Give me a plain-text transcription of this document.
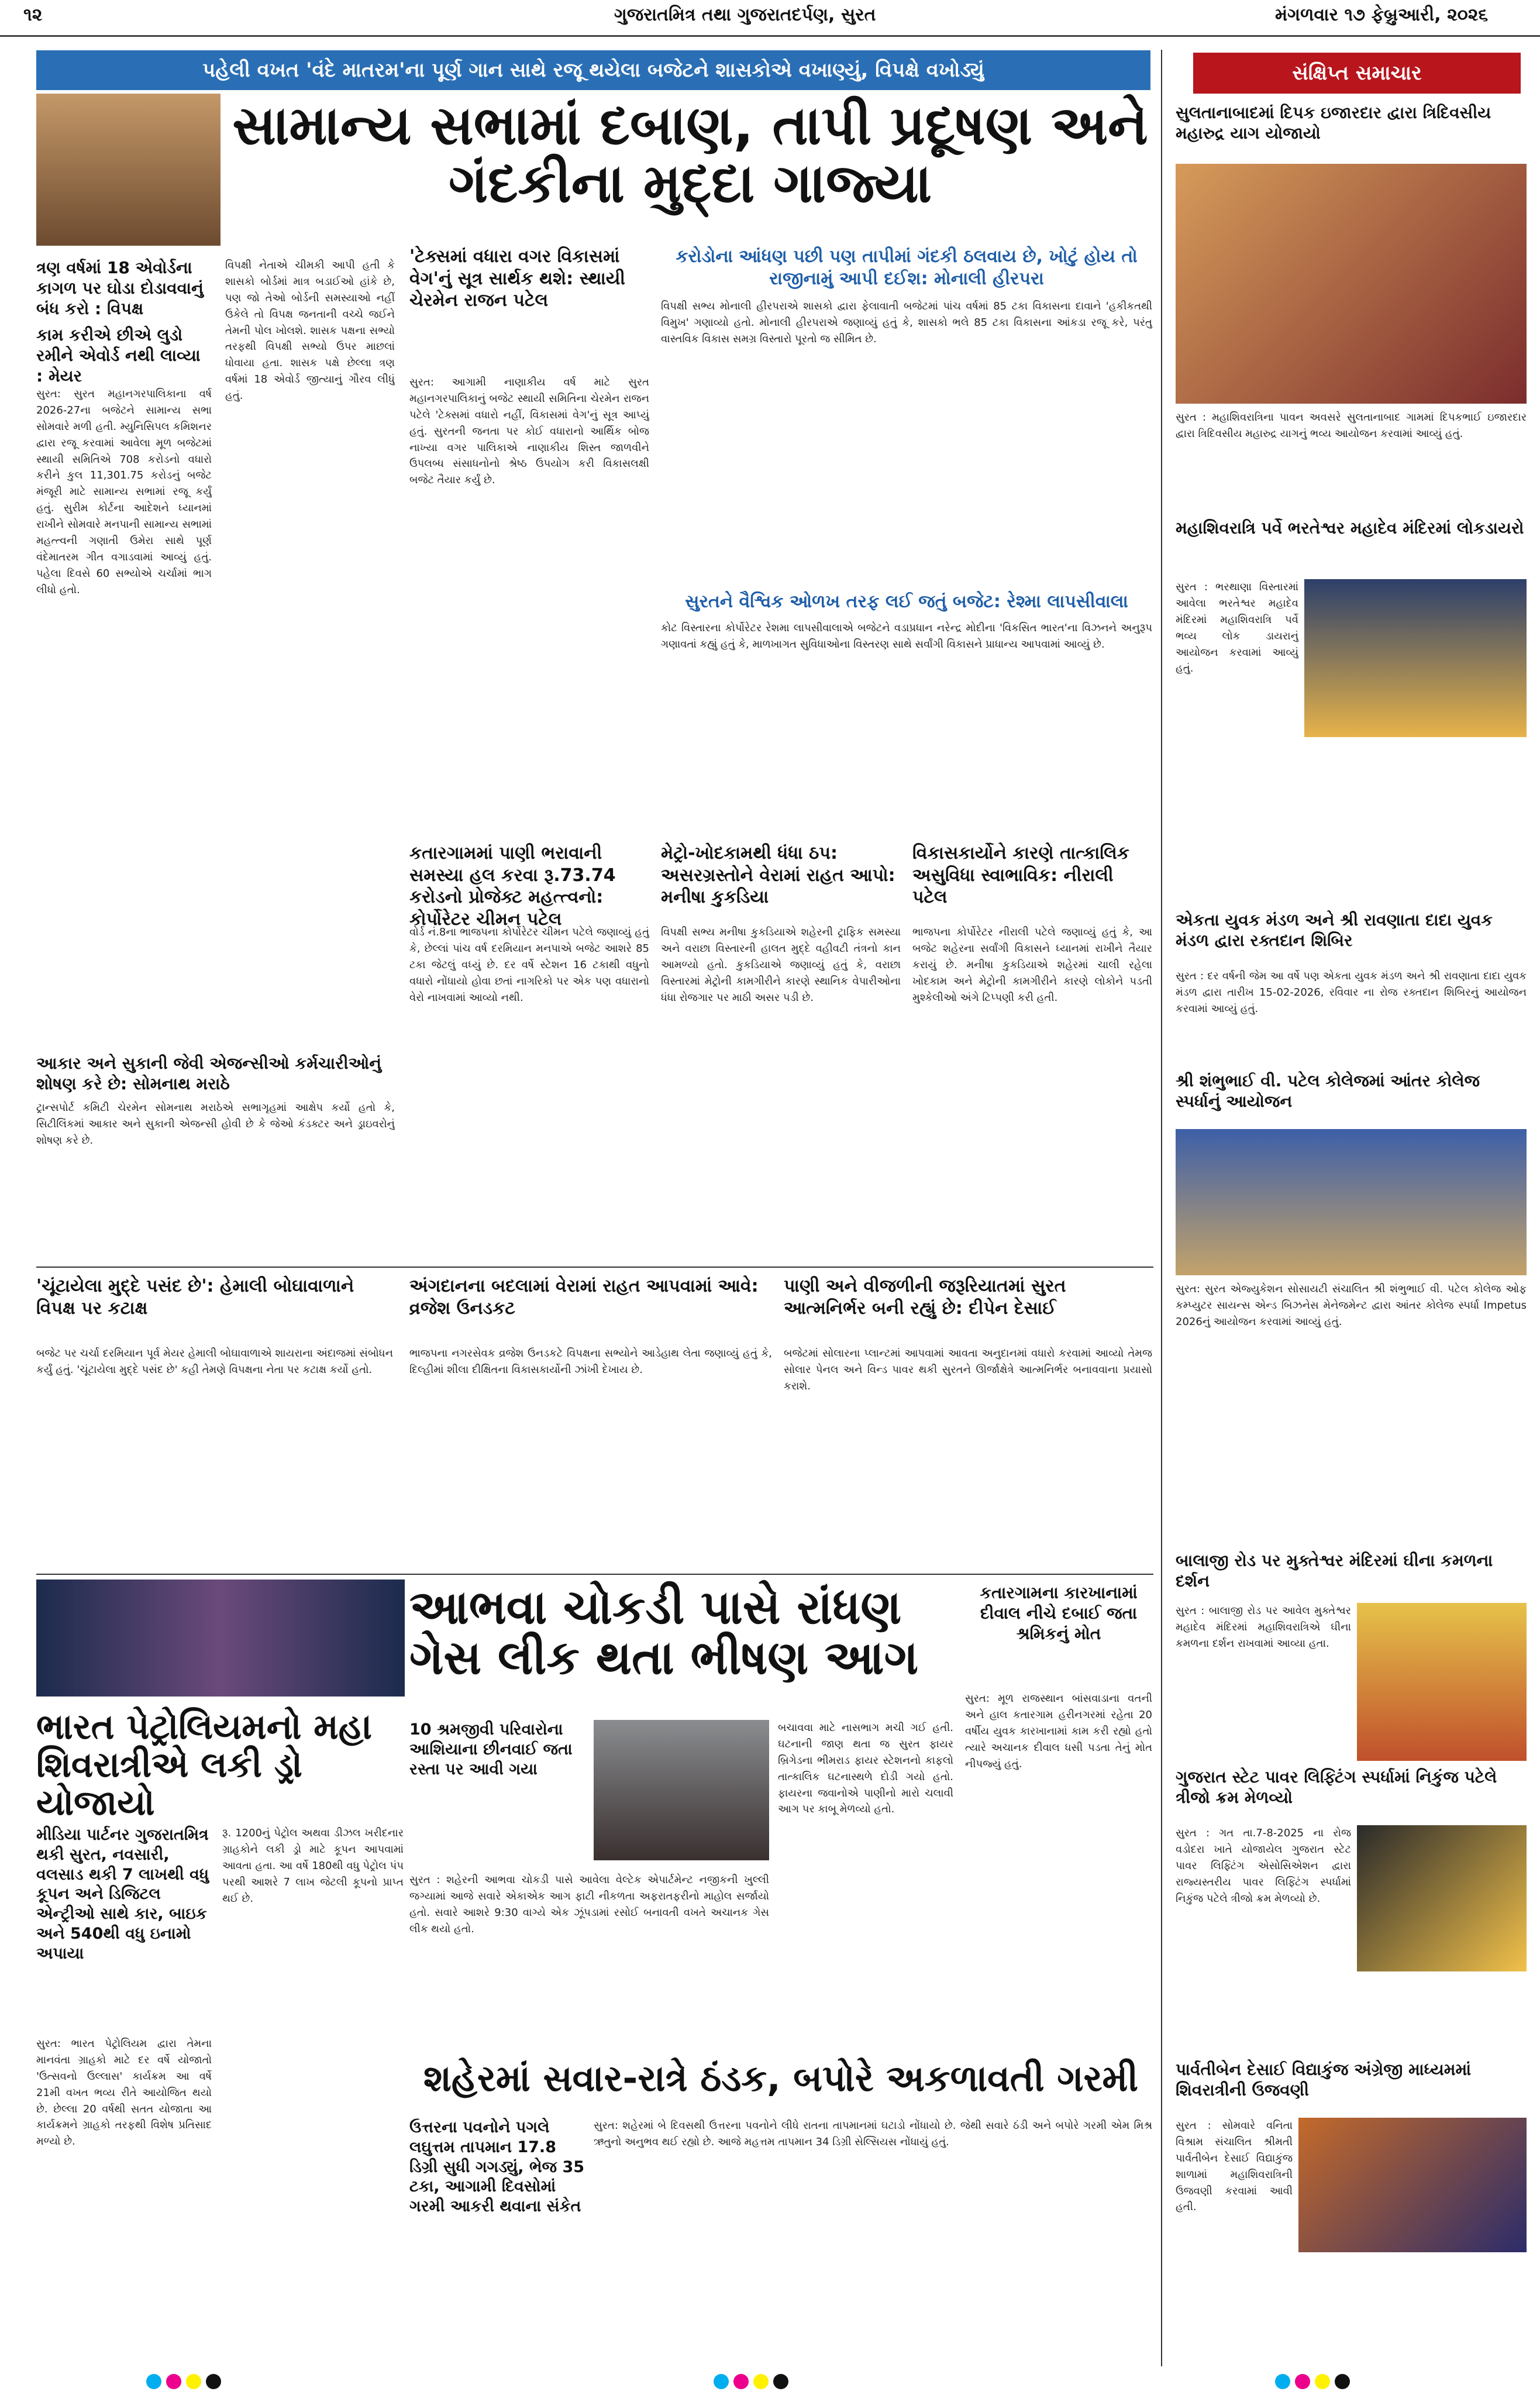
૧૨	ગુજરાતમિત્ર તથા ગુજરાતદર્પણ, સુરત	મંગળવાર ૧૭ ફેબ્રુઆરી, ૨૦૨૬
પહેલી વખત 'વંદે માતરમ'ના પૂર્ણ ગાન સાથે રજૂ થયેલા બજેટને શાસકોએ વખાણ્યું, વિપક્ષે વખોડ્યું
સામાન્ય સભામાં દબાણ, તાપી પ્રદૂષણ અને ગંદકીના મુદ્દા ગાજ્યા
ત્રણ વર્ષમાં 18 એવોર્ડના કાગળ પર ઘોડા દોડાવવાનું બંધ કરો : વિપક્ષ
કામ કરીએ છીએ લુડો રમીને એવોર્ડ નથી લાવ્યા : મેયર
સુરત: સુરત મહાનગરપાલિકાના વર્ષ 2026-27ના બજેટને સામાન્ય સભા સોમવારે મળી હતી. મ્યુનિસિપલ કમિશનર દ્વારા રજૂ કરવામાં આવેલા મૂળ બજેટમાં સ્થાયી સમિતિએ 708 કરોડનો વધારો કરીને કુલ 11,301.75 કરોડનું બજેટ મંજૂરી માટે સામાન્ય સભામાં રજૂ કર્યું હતું. સુરીમ કોર્ટના આદેશને ધ્યાનમાં રાખીને સોમવારે મનપાની સામાન્ય સભામાં મહત્ત્વની ગણાતી ઉમેરા સાથે પૂર્ણ વંદેમાતરમ ગીત વગાડવામાં આવ્યું હતું. પહેલા દિવસે 60 સભ્યોએ ચર્ચામાં ભાગ લીધો હતો.
વિપક્ષી નેતાએ ચીમકી આપી હતી કે શાસકો બોર્ડમાં માત્ર બડાઈઓ હાંકે છે, પણ જો તેઓ બોર્ડની સમસ્યાઓ નહીં ઉકેલે તો વિપક્ષ જનતાની વચ્ચે જઈને તેમની પોલ ખોલશે. શાસક પક્ષના સભ્યો તરફથી વિપક્ષી સભ્યો ઉપર માછલાં ધોવાયા હતા. શાસક પક્ષે છેલ્લા ત્રણ વર્ષમાં 18 એવોર્ડ જીત્યાનું ગૌરવ લીધું હતું.
આકાર અને સુકાની જેવી એજન્સીઓ કર્મચારીઓનું શોષણ કરે છે: સોમનાથ મરાઠે
ટ્રાન્સપોર્ટ કમિટી ચેરમેન સોમનાથ મરાઠેએ સભાગૃહમાં આક્ષેપ કર્યો હતો કે, સિટીલિંકમાં આકાર અને સુકાની એજન્સી હોવી છે કે જેઓ કંડક્ટર અને ડ્રાઇવરોનું શોષણ કરે છે.
'ટેક્સમાં વધારા વગર વિકાસમાં વેગ'નું સૂત્ર સાર્થક થશે: સ્થાયી ચેરમેન રાજન પટેલ
સુરત: આગામી નાણાકીય વર્ષ માટે સુરત મહાનગરપાલિકાનું બજેટ સ્થાયી સમિતિના ચેરમેન રાજન પટેલે 'ટેક્સમાં વધારો નહીં, વિકાસમાં વેગ'નું સૂત્ર આપ્યું હતું. સુરતની જનતા પર કોઈ વધારાનો આર્થિક બોજ નાખ્યા વગર પાલિકાએ નાણાકીય શિસ્ત જાળવીને ઉપલબ્ધ સંસાધનોનો શ્રેષ્ઠ ઉપયોગ કરી વિકાસલક્ષી બજેટ તૈયાર કર્યું છે.
કતારગામમાં પાણી ભરાવાની સમસ્યા હલ કરવા રૂ.73.74 કરોડનો પ્રોજેક્ટ મહત્ત્વનો: કોર્પોરેટર ચીમન પટેલ
વોર્ડ નં.8ના ભાજપના કોર્પોરેટર ચીમન પટેલે જણાવ્યું હતું કે, છેલ્લાં પાંચ વર્ષ દરમિયાન મનપાએ બજેટ આશરે 85 ટકા જેટલું વધ્યું છે. દર વર્ષે સ્ટેશન 16 ટકાથી વધુનો વધારો નોંધાયો હોવા છતાં નાગરિકો પર એક પણ વધારાનો વેરો નાખવામાં આવ્યો નથી.
કરોડોના આંધણ પછી પણ તાપીમાં ગંદકી ઠલવાય છે, ખોટું હોય તો રાજીનામું આપી દઈશ: મોનાલી હીરપરા
વિપક્ષી સભ્ય મોનાલી હીરપરાએ શાસકો દ્વારા ફેલાવાતી બજેટમાં પાંચ વર્ષમાં 85 ટકા વિકાસના દાવાને 'હકીકતથી વિમુખ' ગણાવ્યો હતો. મોનાલી હીરપરાએ જણાવ્યું હતું કે, શાસકો ભલે 85 ટકા વિકાસના આંકડા રજૂ કરે, પરંતુ વાસ્તવિક વિકાસ સમગ્ર વિસ્તારો પૂરતો જ સીમિત છે.
સુરતને વૈશ્વિક ઓળખ તરફ લઈ જતું બજેટ: રેશ્મા લાપસીવાલા
કોટ વિસ્તારના કોર્પોરેટર રેશમા લાપસીવાલાએ બજેટને વડાપ્રધાન નરેન્દ્ર મોદીના 'વિકસિત ભારત'ના વિઝનને અનુરૂપ ગણાવતાં કહ્યું હતું કે, માળખાગત સુવિધાઓના વિસ્તરણ સાથે સર્વાંગી વિકાસને પ્રાધાન્ય આપવામાં આવ્યું છે.
મેટ્રો-ખોદકામથી ધંધા ઠપ: અસરગ્રસ્તોને વેરામાં રાહત આપો: મનીષા કુકડિયા
વિપક્ષી સભ્ય મનીષા કુકડિયાએ શહેરની ટ્રાફિક સમસ્યા અને વરાછા વિસ્તારની હાલત મુદ્દે વહીવટી તંત્રનો કાન આમળ્યો હતો. કુકડિયાએ જણાવ્યું હતું કે, વરાછા વિસ્તારમાં મેટ્રોની કામગીરીને કારણે સ્થાનિક વેપારીઓના ધંધા રોજગાર પર માઠી અસર પડી છે.
વિકાસકાર્યોને કારણે તાત્કાલિક અસુવિધા સ્વાભાવિક: નીરાલી પટેલ
ભાજપના કોર્પોરેટર નીરાલી પટેલે જણાવ્યું હતું કે, આ બજેટ શહેરના સર્વાંગી વિકાસને ધ્યાનમાં રાખીને તૈયાર કરાયું છે. મનીષા કુકડિયાએ શહેરમાં ચાલી રહેલા ખોદકામ અને મેટ્રોની કામગીરીને કારણે લોકોને પડતી મુશ્કેલીઓ અંગે ટિપ્પણી કરી હતી.
'ચૂંટાયેલા મુદ્દે પસંદ છે': હેમાલી બોઘાવાળાને વિપક્ષ પર કટાક્ષ
બજેટ પર ચર્ચા દરમિયાન પૂર્વ મેયર હેમાલી બોઘાવાળાએ શાયરાના અંદાજમાં સંબોધન કર્યું હતું. 'ચૂંટાયેલા મુદ્દે પસંદ છે' કહી તેમણે વિપક્ષના નેતા પર કટાક્ષ કર્યો હતો.
અંગદાનના બદલામાં વેરામાં રાહત આપવામાં આવે: વ્રજેશ ઉનડકટ
ભાજપના નગરસેવક વ્રજેશ ઉનડકટે વિપક્ષના સભ્યોને આડેહાથ લેતા જણાવ્યું હતું કે, દિલ્હીમાં શીલા દીક્ષિતના વિકાસકાર્યોની ઝાંખી દેખાય છે.
પાણી અને વીજળીની જરૂરિયાતમાં સુરત આત્મનિર્ભર બની રહ્યું છે: દીપેન દેસાઈ
બજેટમાં સોલારના પ્લાન્ટમાં આપવામાં આવતા અનુદાનમાં વધારો કરવામાં આવ્યો તેમજ સોલાર પેનલ અને વિન્ડ પાવર થકી સુરતને ઊર્જાક્ષેત્રે આત્મનિર્ભર બનાવવાના પ્રયાસો કરાશે.
ભારત પેટ્રોલિયમનો મહા શિવરાત્રીએ લકી ડ્રો યોજાયો
મીડિયા પાર્ટનર ગુજરાતમિત્ર થકી સુરત, નવસારી, વલસાડ થકી 7 લાખથી વધુ કૂપન અને ડિજિટલ એન્ટ્રીઓ સાથે કાર, બાઇક અને 540થી વધુ ઇનામો અપાયા
સુરત: ભારત પેટ્રોલિયમ દ્વારા તેમના માનવંતા ગ્રાહકો માટે દર વર્ષે યોજાતો 'ઉત્સવનો ઉલ્લાસ' કાર્યક્રમ આ વર્ષે 21મી વખત ભવ્ય રીતે આયોજિત થયો છે. છેલ્લા 20 વર્ષથી સતત યોજાતા આ કાર્યક્રમને ગ્રાહકો તરફથી વિશેષ પ્રતિસાદ મળ્યો છે.
રૂ. 1200નું પેટ્રોલ અથવા ડીઝલ ખરીદનાર ગ્રાહકોને લકી ડ્રો માટે કૂપન આપવામાં આવતા હતા. આ વર્ષે 180થી વધુ પેટ્રોલ પંપ પરથી આશરે 7 લાખ જેટલી કૂપનો પ્રાપ્ત થઈ છે.
આભવા ચોકડી પાસે રાંધણ ગેસ લીક થતા ભીષણ આગ
10 શ્રમજીવી પરિવારોના આશિયાના છીનવાઈ જતા રસ્તા પર આવી ગયા
સુરત : શહેરની આભવા ચોકડી પાસે આવેલા વેલ્ટેક એપાર્ટમેન્ટ નજીકની ખુલ્લી જગ્યામાં આજે સવારે એકાએક આગ ફાટી નીકળતા અફરાતફરીનો માહોલ સર્જાયો હતો. સવારે આશરે 9:30 વાગ્યે એક ઝૂંપડામાં રસોઈ બનાવતી વખતે અચાનક ગેસ લીક થયો હતો.
બચાવવા માટે નાસભાગ મચી ગઈ હતી. ઘટનાની જાણ થતા જ સુરત ફાયર બ્રિગેડના ભીમરાડ ફાયર સ્ટેશનનો કાફલો તાત્કાલિક ઘટનાસ્થળે દોડી ગયો હતો. ફાયરના જવાનોએ પાણીનો મારો ચલાવી આગ પર કાબૂ મેળવ્યો હતો.
કતારગામના કારખાનામાં દીવાલ નીચે દબાઈ જતા શ્રમિકનું મોત
સુરત: મૂળ રાજસ્થાન બાંસવાડાના વતની અને હાલ કતારગામ હરીનગરમાં રહેતા 20 વર્ષીય યુવક કારખાનામાં કામ કરી રહ્યો હતો ત્યારે અચાનક દીવાલ ધસી પડતા તેનું મોત નીપજ્યું હતું.
શહેરમાં સવાર-રાત્રે ઠંડક, બપોરે અકળાવતી ગરમી
ઉત્તરના પવનોને પગલે લઘુત્તમ તાપમાન 17.8 ડિગ્રી સુધી ગગડ્યું, ભેજ 35 ટકા, આગામી દિવસોમાં ગરમી આકરી થવાના સંકેત
સુરત: શહેરમાં બે દિવસથી ઉત્તરના પવનોને લીધે રાતના તાપમાનમાં ઘટાડો નોંધાયો છે. જેથી સવારે ઠંડી અને બપોરે ગરમી એમ મિશ્ર ઋતુનો અનુભવ થઈ રહ્યો છે. આજે મહત્તમ તાપમાન 34 ડિગ્રી સેલ્સિયસ નોંધાયું હતું.
સંક્ષિપ્ત સમાચાર
સુલતાનાબાદમાં દિપક ઇજારદાર દ્વારા ત્રિદિવસીય મહારુદ્ર યાગ યોજાયો
સુરત : મહાશિવરાત્રિના પાવન અવસરે સુલતાનાબાદ ગામમાં દિપકભાઈ ઇજારદાર દ્વારા ત્રિદિવસીય મહારુદ્ર યાગનું ભવ્ય આયોજન કરવામાં આવ્યું હતું.
મહાશિવરાત્રિ પર્વે ભરતેશ્વર મહાદેવ મંદિરમાં લોકડાયરો
સુરત : ભરથાણા વિસ્તારમાં આવેલા ભરતેશ્વર મહાદેવ મંદિરમાં મહાશિવરાત્રિ પર્વે ભવ્ય લોક ડાયરાનું આયોજન કરવામાં આવ્યું હતું.
એકતા યુવક મંડળ અને શ્રી રાવણાતા દાદા યુવક મંડળ દ્વારા રક્તદાન શિબિર
સુરત : દર વર્ષની જેમ આ વર્ષે પણ એકતા યુવક મંડળ અને શ્રી રાવણાતા દાદા યુવક મંડળ દ્વારા તારીખ 15-02-2026, રવિવાર ના રોજ રક્તદાન શિબિરનું આયોજન કરવામાં આવ્યું હતું.
શ્રી શંભુભાઈ વી. પટેલ કોલેજમાં આંતર કોલેજ સ્પર્ધાનું આયોજન
સુરત: સુરત એજ્યુકેશન સોસાયટી સંચાલિત શ્રી શંભુભાઈ વી. પટેલ કોલેજ ઓફ કમ્પ્યુટર સાયન્સ એન્ડ બિઝનેસ મેનેજમેન્ટ દ્વારા આંતર કોલેજ સ્પર્ધા Impetus 2026નું આયોજન કરવામાં આવ્યું હતું.
બાલાજી રોડ પર મુક્તેશ્વર મંદિરમાં ઘીના કમળના દર્શન
સુરત : બાલાજી રોડ પર આવેલ મુક્તેશ્વર મહાદેવ મંદિરમાં મહાશિવરાત્રિએ ઘીના કમળના દર્શન રાખવામાં આવ્યા હતા.
ગુજરાત સ્ટેટ પાવર લિફ્ટિંગ સ્પર્ધામાં નિકુંજ પટેલે ત્રીજો ક્રમ મેળવ્યો
સુરત : ગત તા.7-8-2025 ના રોજ વડોદરા ખાતે યોજાયેલ ગુજરાત સ્ટેટ પાવર લિફ્ટિંગ એસોસિએશન દ્વારા રાજ્યસ્તરીય પાવર લિફ્ટિંગ સ્પર્ધામાં નિકુંજ પટેલે ત્રીજો ક્રમ મેળવ્યો છે.
પાર્વતીબેન દેસાઈ વિદ્યાકુંજ અંગ્રેજી માધ્યમમાં શિવરાત્રીની ઉજવણી
સુરત : સોમવારે વનિતા વિશ્રામ સંચાલિત શ્રીમતી પાર્વતીબેન દેસાઈ વિદ્યાકુંજ શાળામાં મહાશિવરાત્રિની ઉજવણી કરવામાં આવી હતી.
